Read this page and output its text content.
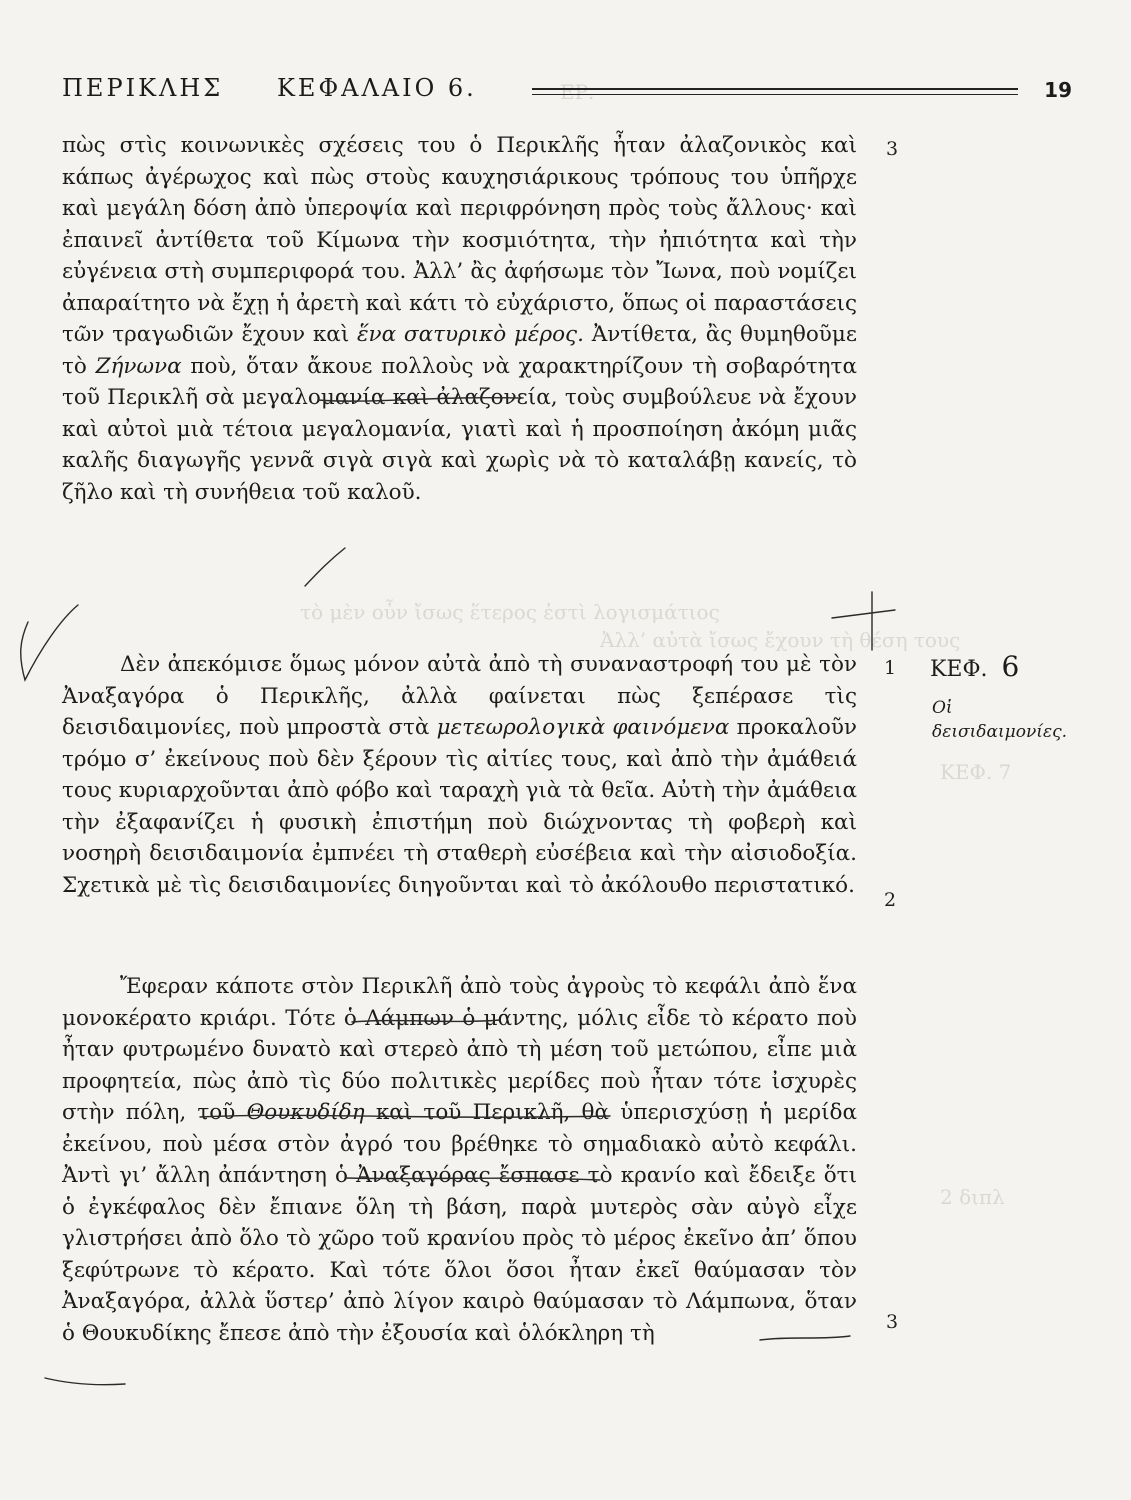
ΕΡ.
τὸ μὲν οὖν ἴσως ἕτερος ἐστὶ λογισμάτιος
Ἀλλ’ αὐτὰ ἴσως ἔχουν τὴ θέση τους
ΚΕΦ. 7
2 διπλ
ΠΕΡΙΚΛΗΣ ΚΕΦΑΛΑΙΟ 6.	19

πὼς στὶς κοινωνικὲς σχέσεις του ὁ Περικλῆς ἦταν ἀλαζονικὸς καὶ κάπως ἀγέρωχος καὶ πὼς στοὺς καυχησιάρικους τρόπους του ὑπῆρχε καὶ μεγάλη δόση ἀπὸ ὑπεροψία καὶ περιφρόνηση πρὸς τοὺς ἄλλους· καὶ ἐπαινεῖ ἀντίθετα τοῦ Κίμωνα τὴν κοσμιότητα, τὴν ἠπιότητα καὶ τὴν εὐγένεια στὴ συμπεριφορά του. Ἀλλ’ ἂς ἀφήσωμε τὸν Ἴωνα, ποὺ νομίζει ἀπαραίτητο νὰ ἔχῃ ἡ ἀρετὴ καὶ κάτι τὸ εὐχάριστο, ὅπως οἱ παραστάσεις τῶν τραγωδιῶν ἔχουν καὶ ἕνα σατυρικὸ μέρος. Ἀντίθετα, ἂς θυμηθοῦμε τὸ Ζήνωνα ποὺ, ὅταν ἄκουε πολλοὺς νὰ χαρακτηρίζουν τὴ σοβαρότητα τοῦ Περικλῆ σὰ μεγαλομανία καὶ ἀλαζονεία, τοὺς συμβούλευε νὰ ἔχουν καὶ αὐτοὶ μιὰ τέτοια μεγαλομανία, γιατὶ καὶ ἡ προσποίηση ἀκόμη μιᾶς καλῆς διαγωγῆς γεννᾶ σιγὰ σιγὰ καὶ χωρὶς νὰ τὸ καταλάβῃ κανείς, τὸ ζῆλο καὶ τὴ συνήθεια τοῦ καλοῦ.

Δὲν ἀπεκόμισε ὅμως μόνον αὐτὰ ἀπὸ τὴ συναναστροφή του μὲ τὸν Ἀναξαγόρα ὁ Περικλῆς, ἀλλὰ φαίνεται πὼς ξεπέρασε τὶς δεισιδαιμονίες, ποὺ μπροστὰ στὰ μετεωρολογικὰ φαινόμενα προκαλοῦν τρόμο σ’ ἐκείνους ποὺ δὲν ξέρουν τὶς αἰτίες τους, καὶ ἀπὸ τὴν ἀμάθειά τους κυριαρχοῦνται ἀπὸ φόβο καὶ ταραχὴ γιὰ τὰ θεῖα. Αὐτὴ τὴν ἀμάθεια τὴν ἐξαφανίζει ἡ φυσικὴ ἐπιστήμη ποὺ διώχνοντας τὴ φοβερὴ καὶ νοσηρὴ δεισιδαιμονία ἐμπνέει τὴ σταθερὴ εὐσέβεια καὶ τὴν αἰσιοδοξία. Σχετικὰ μὲ τὶς δεισιδαιμονίες διηγοῦνται καὶ τὸ ἀκόλουθο περιστατικό.

Ἔφεραν κάποτε στὸν Περικλῆ ἀπὸ τοὺς ἀγροὺς τὸ κεφάλι ἀπὸ ἕνα μονοκέρατο κριάρι. Τότε ὁ Λάμπων ὁ μάντης, μόλις εἶδε τὸ κέρατο ποὺ ἦταν φυτρωμένο δυνατὸ καὶ στερεὸ ἀπὸ τὴ μέση τοῦ μετώπου, εἶπε μιὰ προφητεία, πὼς ἀπὸ τὶς δύο πολιτικὲς μερίδες ποὺ ἦταν τότε ἰσχυρὲς στὴν πόλη, τοῦ Θουκυδίδη καὶ τοῦ Περικλῆ, θὰ ὑπερισχύσῃ ἡ μερίδα ἐκείνου, ποὺ μέσα στὸν ἀγρό του βρέθηκε τὸ σημαδιακὸ αὐτὸ κεφάλι. Ἀντὶ γι’ ἄλλη ἀπάντηση ὁ Ἀναξαγόρας ἔσπασε τὸ κρανίο καὶ ἔδειξε ὅτι ὁ ἐγκέφαλος δὲν ἔπιανε ὅλη τὴ βάση, παρὰ μυτερὸς σὰν αὐγὸ εἶχε γλιστρήσει ἀπὸ ὅλο τὸ χῶρο τοῦ κρανίου πρὸς τὸ μέρος ἐκεῖνο ἀπ’ ὅπου ξεφύτρωνε τὸ κέρατο. Καὶ τότε ὅλοι ὅσοι ἦταν ἐκεῖ θαύμασαν τὸν Ἀναξαγόρα, ἀλλὰ ὕστερ’ ἀπὸ λίγον καιρὸ θαύμασαν τὸ Λάμπωνα, ὅταν ὁ Θουκυδίκης ἔπεσε ἀπὸ τὴν ἐξουσία καὶ ὁλόκληρη τὴ

3
1
2
3
ΚΕΦ. 6
Οἱ δεισιδαιμονίες.
